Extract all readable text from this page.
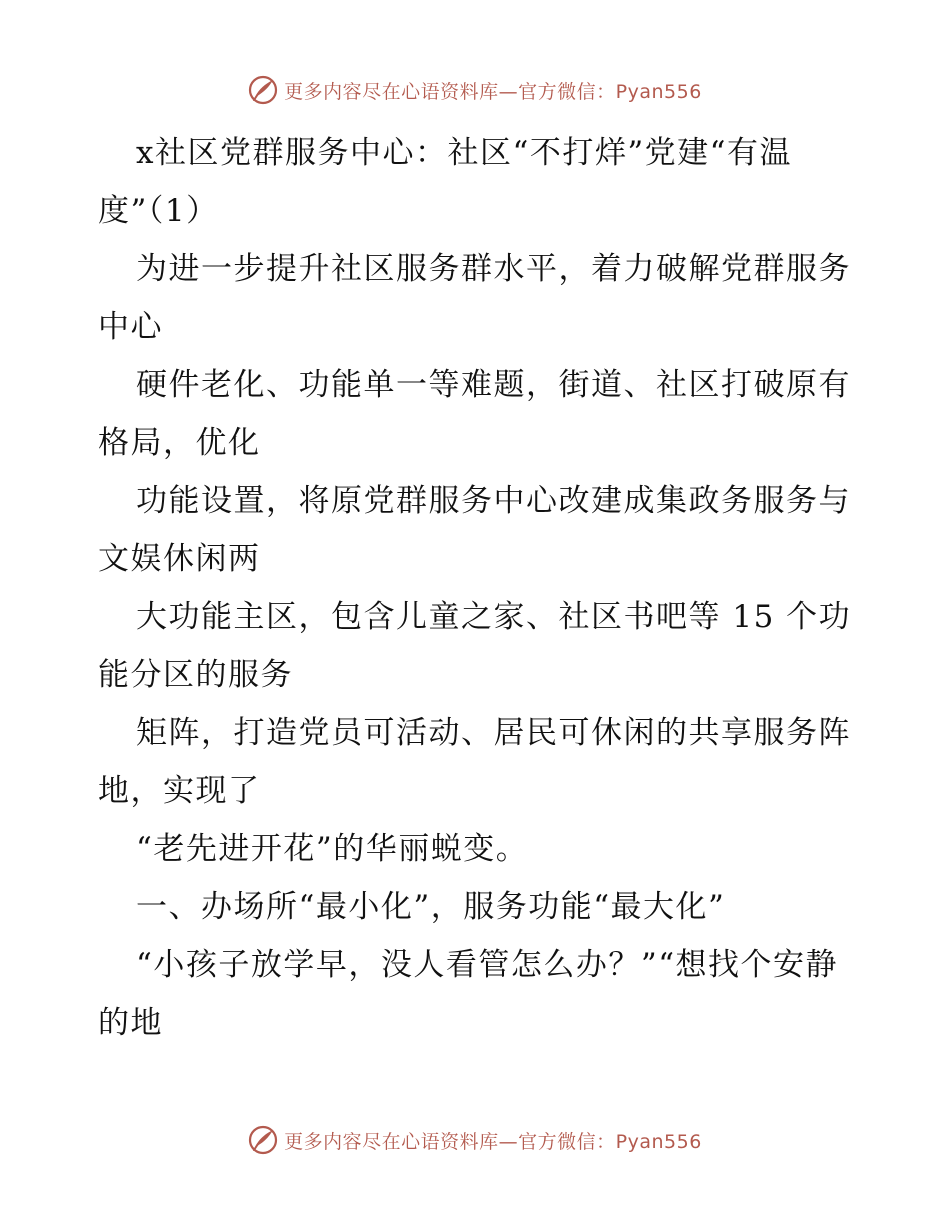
更多内容尽在心语资料库—官方微信：Pyan556

x社区党群服务中心：社区“不打烊”党建“有温度”（1）

为进一步提升社区服务群水平，着力破解党群服务中心

硬件老化、功能单一等难题，街道、社区打破原有格局，优化

功能设置，将原党群服务中心改建成集政务服务与文娱休闲两

大功能主区，包含儿童之家、社区书吧等 15 个功能分区的服务

矩阵，打造党员可活动、居民可休闲的共享服务阵地，实现了

“老先进开花”的华丽蜕变。

一、办场所“最小化”，服务功能“最大化”

“小孩子放学早，没人看管怎么办？”“想找个安静的地

更多内容尽在心语资料库—官方微信：Pyan556
